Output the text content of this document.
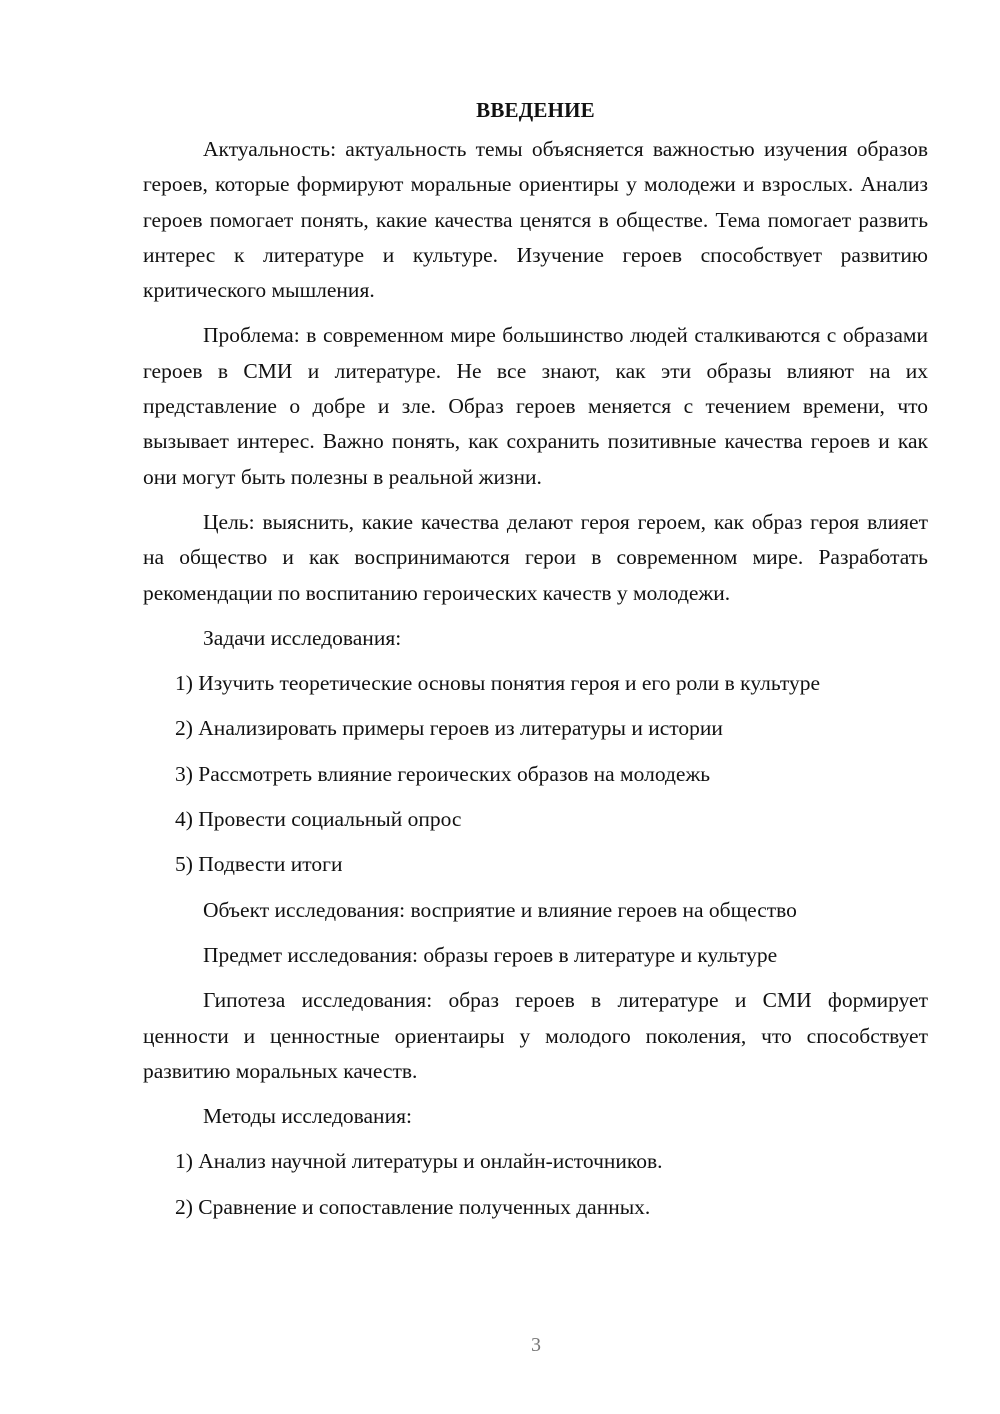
ВВЕДЕНИЕ

Актуальность: актуальность темы объясняется важностью изучения образов героев, которые формируют моральные ориентиры у молодежи и взрослых. Анализ героев помогает понять, какие качества ценятся в обществе. Тема помогает развить интерес к литературе и культуре. Изучение героев способствует развитию критического мышления.

Проблема: в современном мире большинство людей сталкиваются с образами героев в СМИ и литературе. Не все знают, как эти образы влияют на их представление о добре и зле. Образ героев меняется с течением времени, что вызывает интерес. Важно понять, как сохранить позитивные качества героев и как они могут быть полезны в реальной жизни.

Цель: выяснить, какие качества делают героя героем, как образ героя влияет на общество и как воспринимаются герои в современном мире. Разработать рекомендации по воспитанию героических качеств у молодежи.

Задачи исследования:
1) Изучить теоретические основы понятия героя и его роли в культуре
2) Анализировать примеры героев из литературы и истории
3) Рассмотреть влияние героических образов на молодежь
4) Провести социальный опрос
5) Подвести итоги
Объект исследования: восприятие и влияние героев на общество
Предмет исследования: образы героев в литературе и культуре

Гипотеза исследования: образ героев в литературе и СМИ формирует ценности и ценностные ориентаиры у молодого поколения, что способствует развитию моральных качеств.

Методы исследования:
1) Анализ научной литературы и онлайн-источников.
2) Сравнение и сопоставление полученных данных.
3
